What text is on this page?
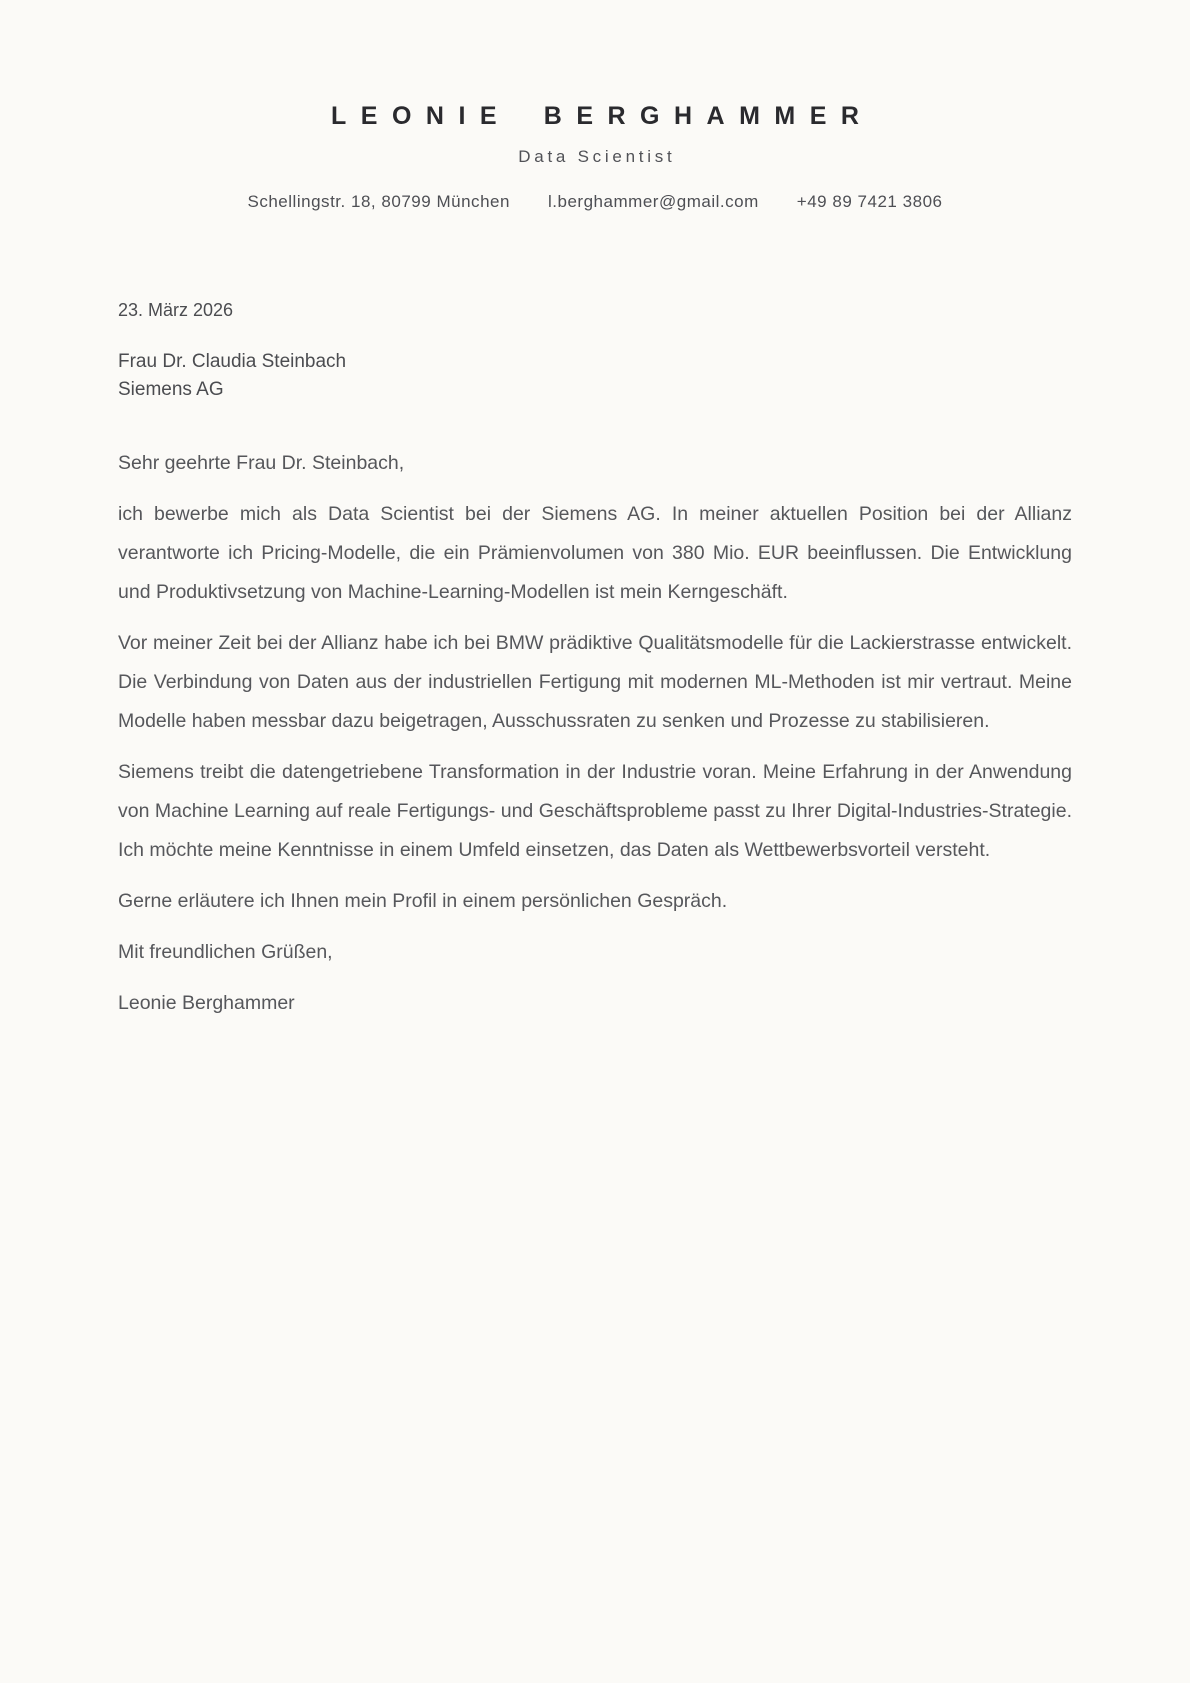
LEONIE BERGHAMMER
Data Scientist
Schellingstr. 18, 80799 München l.berghammer@gmail.com +49 89 7421 3806

23. März 2026

Frau Dr. Claudia Steinbach
Siemens AG

Sehr geehrte Frau Dr. Steinbach,

ich bewerbe mich als Data Scientist bei der Siemens AG. In meiner aktuellen Position bei der Allianz verantworte ich Pricing-Modelle, die ein Prämienvolumen von 380 Mio. EUR beeinflussen. Die Entwicklung und Produktivsetzung von Machine-Learning-Modellen ist mein Kerngeschäft.

Vor meiner Zeit bei der Allianz habe ich bei BMW prädiktive Qualitätsmodelle für die Lackierstrasse entwickelt. Die Verbindung von Daten aus der industriellen Fertigung mit modernen ML-Methoden ist mir vertraut. Meine Modelle haben messbar dazu beigetragen, Ausschussraten zu senken und Prozesse zu stabilisieren.

Siemens treibt die datengetriebene Transformation in der Industrie voran. Meine Erfahrung in der Anwendung von Machine Learning auf reale Fertigungs- und Geschäftsprobleme passt zu Ihrer Digital-Industries-Strategie. Ich möchte meine Kenntnisse in einem Umfeld einsetzen, das Daten als Wettbewerbsvorteil versteht.

Gerne erläutere ich Ihnen mein Profil in einem persönlichen Gespräch.

Mit freundlichen Grüßen,

Leonie Berghammer
